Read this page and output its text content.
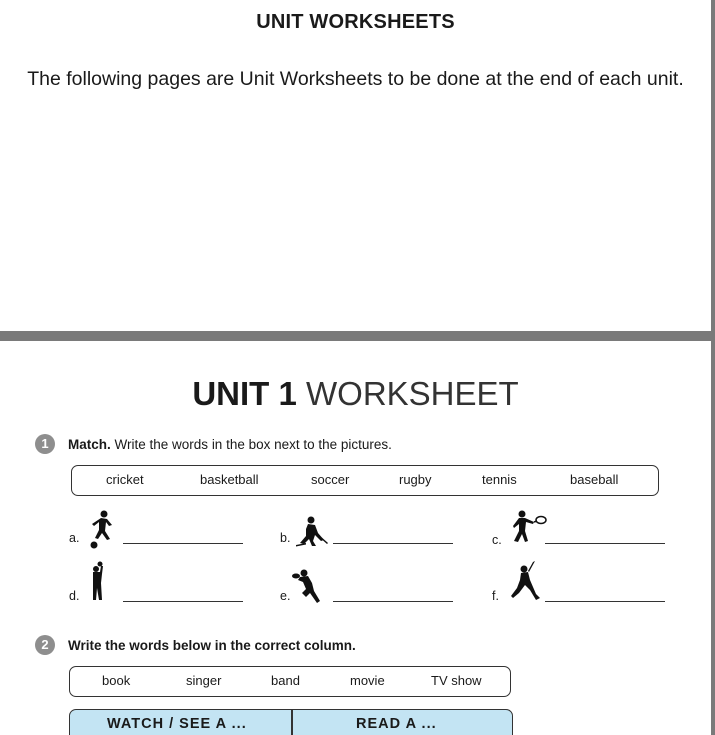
UNIT WORKSHEETS
The following pages are Unit Worksheets to be done at the end of each unit.
UNIT 1 WORKSHEET
1	Match. Write the words in the box next to the pictures.
cricket	basketball	soccer	rugby	tennis	baseball
a.	b.	c.
d.	e.	f.
2	Write the words below in the correct column.
book	singer	band	movie	TV show
WATCH / SEE A ...	READ A ...
